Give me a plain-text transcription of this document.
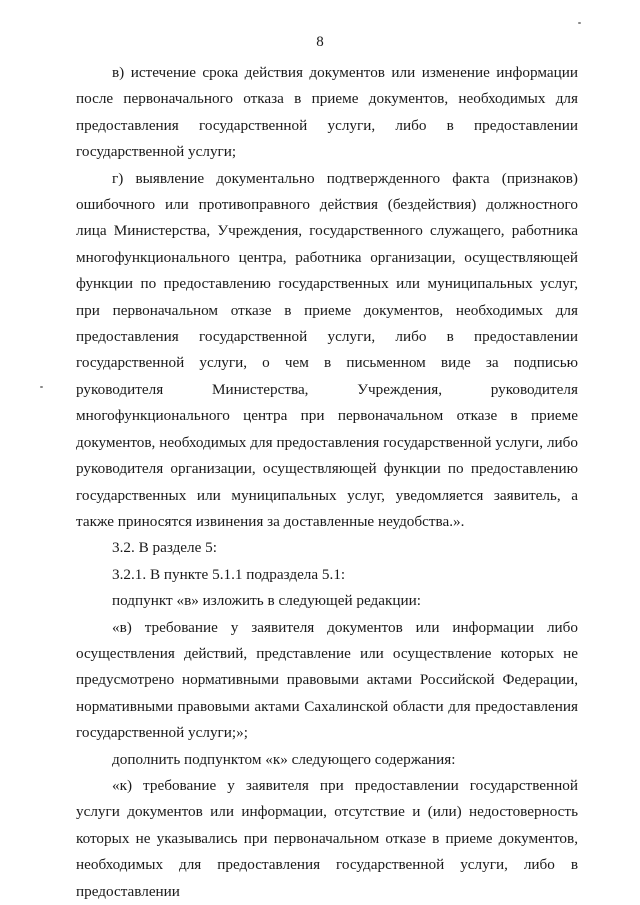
8

в) истечение срока действия документов или изменение информации после первоначального отказа в приеме документов, необходимых для предоставления государственной услуги, либо в предоставлении государственной услуги;

г) выявление документально подтвержденного факта (признаков) ошибочного или противоправного действия (бездействия) должностного лица Министерства, Учреждения, государственного служащего, работника многофункционального центра, работника организации, осуществляющей функции по предоставлению государственных или муниципальных услуг, при первоначальном отказе в приеме документов, необходимых для предоставления государственной услуги, либо в предоставлении государственной услуги, о чем в письменном виде за подписью руководителя Министерства, Учреждения, руководителя многофункционального центра при первоначальном отказе в приеме документов, необходимых для предоставления государственной услуги, либо руководителя организации, осуществляющей функции по предоставлению государственных или муниципальных услуг, уведомляется заявитель, а также приносятся извинения за доставленные неудобства.».

3.2. В разделе 5:

3.2.1. В пункте 5.1.1 подраздела 5.1:

подпункт «в» изложить в следующей редакции:

«в) требование у заявителя документов или информации либо осуществления действий, представление или осуществление которых не предусмотрено нормативными правовыми актами Российской Федерации, нормативными правовыми актами Сахалинской области для предоставления государственной услуги;»;

дополнить подпунктом «к» следующего содержания:

«к) требование у заявителя при предоставлении государственной услуги документов или информации, отсутствие и (или) недостоверность которых не указывались при первоначальном отказе в приеме документов, необходимых для предоставления государственной услуги, либо в предоставлении
